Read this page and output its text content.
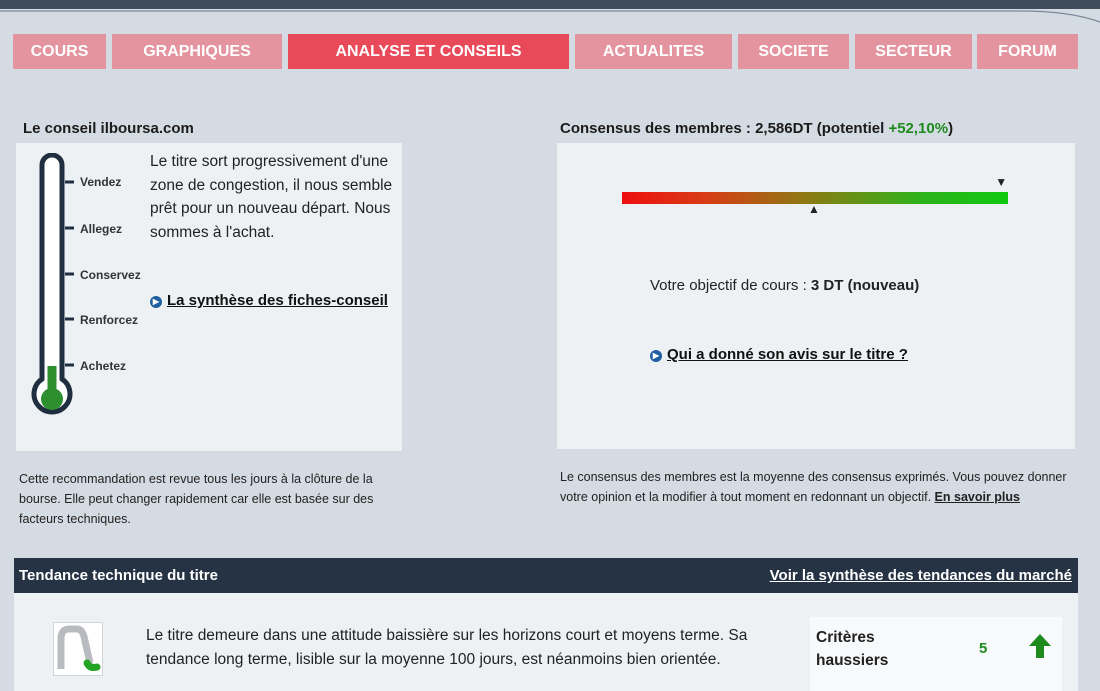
COURS	GRAPHIQUES	ANALYSE ET CONSEILS	ACTUALITES	SOCIETE	SECTEUR	FORUM
Le conseil ilboursa.com
Vendez
Allegez
Conservez
Renforcez
Achetez
Le titre sort progressivement d'une zone de congestion, il nous semble prêt pour un nouveau départ. Nous sommes à l'achat.
▶ La synthèse des fiches-conseil
Cette recommandation est revue tous les jours à la clôture de la bourse. Elle peut changer rapidement car elle est basée sur des facteurs techniques.
Consensus des membres : 2,586DT (potentiel +52,10%)
▼
▲
Votre objectif de cours : 3 DT (nouveau)
▶ Qui a donné son avis sur le titre ?
Le consensus des membres est la moyenne des consensus exprimés. Vous pouvez donner votre opinion et la modifier à tout moment en redonnant un objectif. En savoir plus
Tendance technique du titre	Voir la synthèse des tendances du marché
Le titre demeure dans une attitude baissière sur les horizons court et moyens terme. Sa tendance long terme, lisible sur la moyenne 100 jours, est néanmoins bien orientée.
Critères haussiers
5
